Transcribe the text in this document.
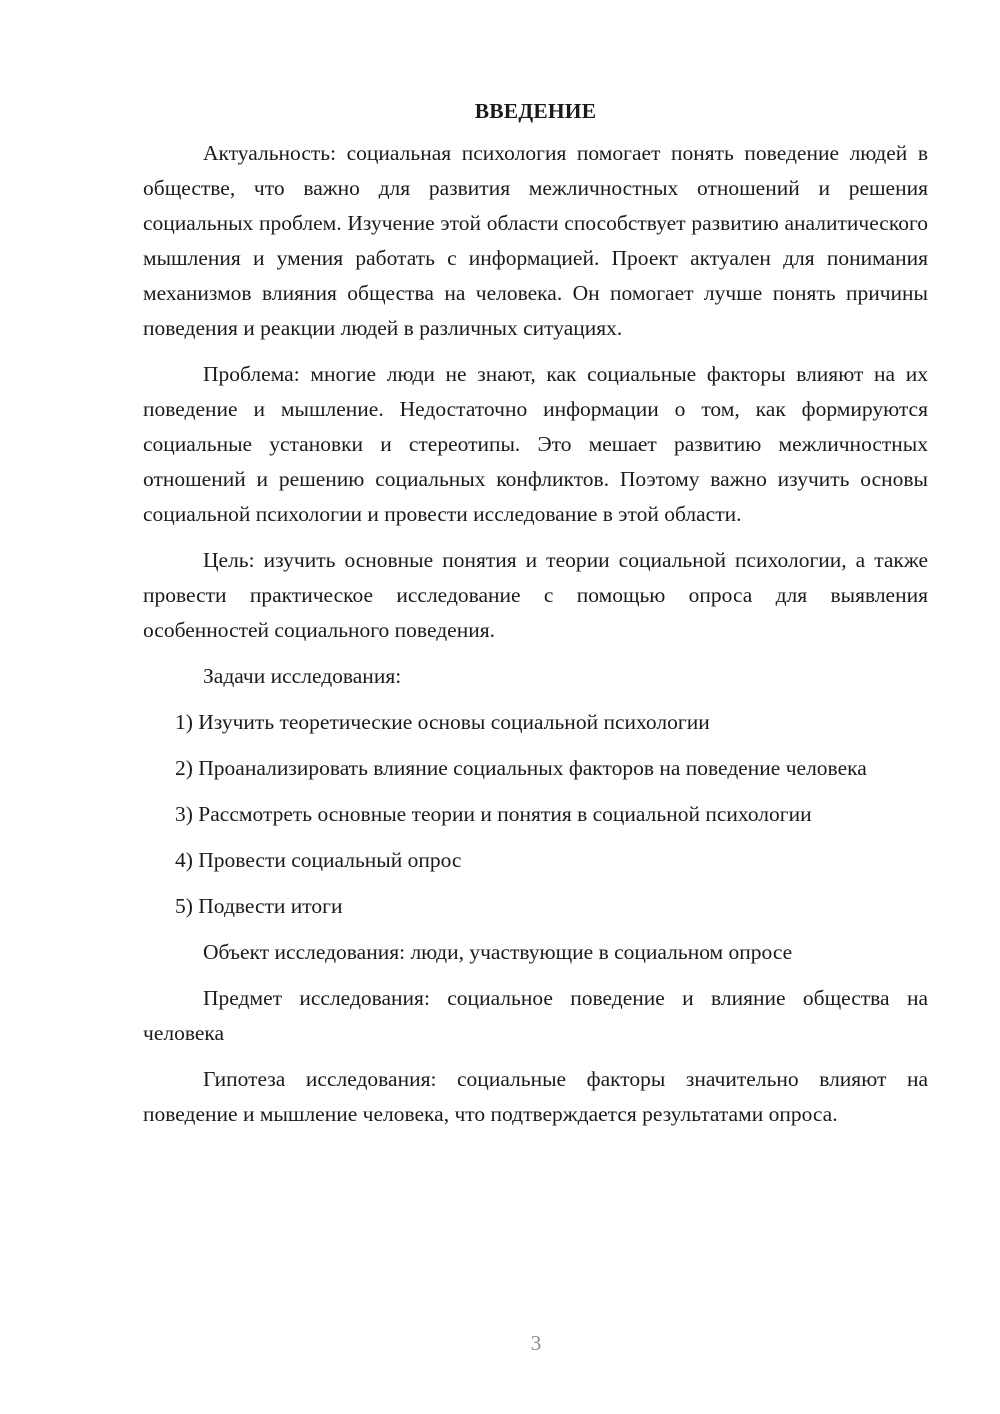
ВВЕДЕНИЕ

Актуальность: социальная психология помогает понять поведение людей в обществе, что важно для развития межличностных отношений и решения социальных проблем. Изучение этой области способствует развитию аналитического мышления и умения работать с информацией. Проект актуален для понимания механизмов влияния общества на человека. Он помогает лучше понять причины поведения и реакции людей в различных ситуациях.

Проблема: многие люди не знают, как социальные факторы влияют на их поведение и мышление. Недостаточно информации о том, как формируются социальные установки и стереотипы. Это мешает развитию межличностных отношений и решению социальных конфликтов. Поэтому важно изучить основы социальной психологии и провести исследование в этой области.

Цель: изучить основные понятия и теории социальной психологии, а также провести практическое исследование с помощью опроса для выявления особенностей социального поведения.

Задачи исследования:

1) Изучить теоретические основы социальной психологии

2) Проанализировать влияние социальных факторов на поведение человека

3) Рассмотреть основные теории и понятия в социальной психологии

4) Провести социальный опрос

5) Подвести итоги

Объект исследования: люди, участвующие в социальном опросе

Предмет исследования: социальное поведение и влияние общества на человека

Гипотеза исследования: социальные факторы значительно влияют на поведение и мышление человека, что подтверждается результатами опроса.

3
